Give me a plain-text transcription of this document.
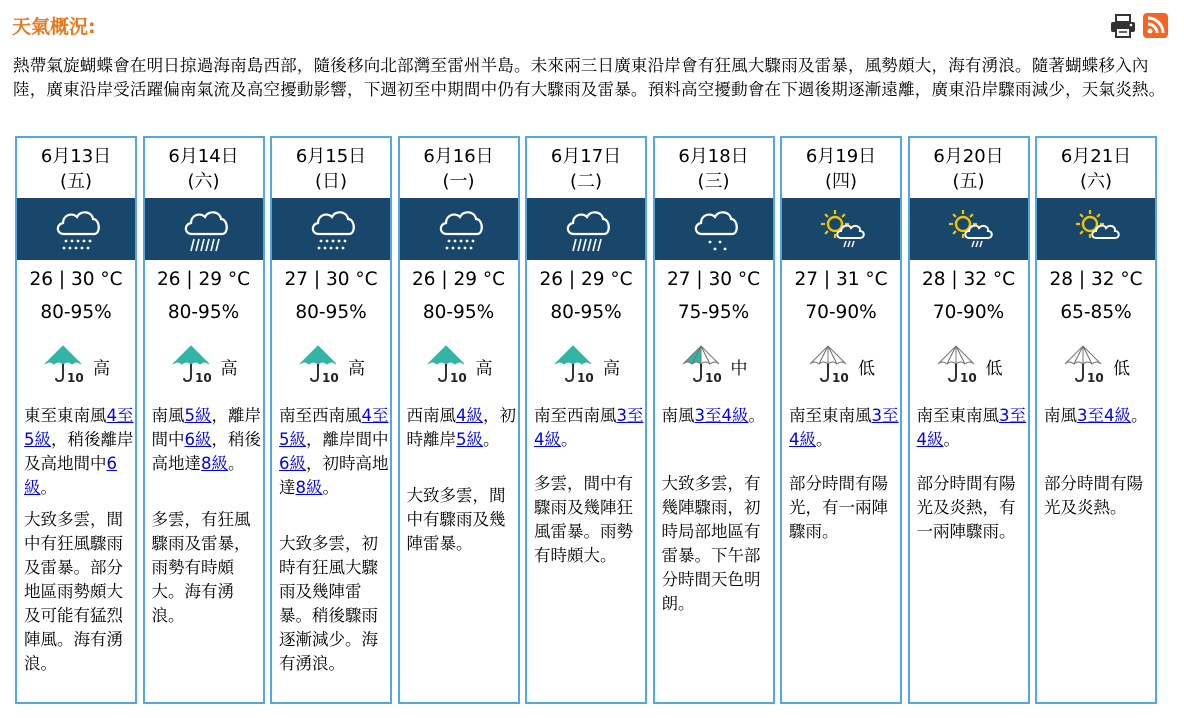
天氣概況:
熱帶氣旋蝴蝶會在明日掠過海南島西部，隨後移向北部灣至雷州半島。未來兩三日廣東沿岸會有狂風大驟雨及雷暴，風勢頗大，海有湧浪。隨著蝴蝶移入內陸，廣東沿岸受活躍偏南氣流及高空擾動影響，下週初至中期間中仍有大驟雨及雷暴。預料高空擾動會在下週後期逐漸遠離，廣東沿岸驟雨減少，天氣炎熱。
6月13日
(五)
26 | 30 °C
80-95%
10 高
東至東南風4至5級，稍後離岸及高地間中6級。
大致多雲，間中有狂風驟雨及雷暴。部分地區雨勢頗大及可能有猛烈陣風。海有湧浪。
6月14日
(六)
26 | 29 °C
80-95%
10 高
南風5級，離岸間中6級，稍後高地達8級。
多雲，有狂風驟雨及雷暴，雨勢有時頗大。海有湧浪。
6月15日
(日)
27 | 30 °C
80-95%
10 高
南至西南風4至5級，離岸間中6級，初時高地達8級。
大致多雲，初時有狂風大驟雨及幾陣雷暴。稍後驟雨逐漸減少。海有湧浪。
6月16日
(一)
26 | 29 °C
80-95%
10 高
西南風4級，初時離岸5級。
大致多雲，間中有驟雨及幾陣雷暴。
6月17日
(二)
26 | 29 °C
80-95%
10 高
南至西南風3至4級。
多雲，間中有驟雨及幾陣狂風雷暴。雨勢有時頗大。
6月18日
(三)
27 | 30 °C
75-95%
10 中
南風3至4級。
大致多雲，有幾陣驟雨，初時局部地區有雷暴。下午部分時間天色明朗。
6月19日
(四)
27 | 31 °C
70-90%
10 低
南至東南風3至4級。
部分時間有陽光，有一兩陣驟雨。
6月20日
(五)
28 | 32 °C
70-90%
10 低
南至東南風3至4級。
部分時間有陽光及炎熱，有一兩陣驟雨。
6月21日
(六)
28 | 32 °C
65-85%
10 低
南風3至4級。
部分時間有陽光及炎熱。
